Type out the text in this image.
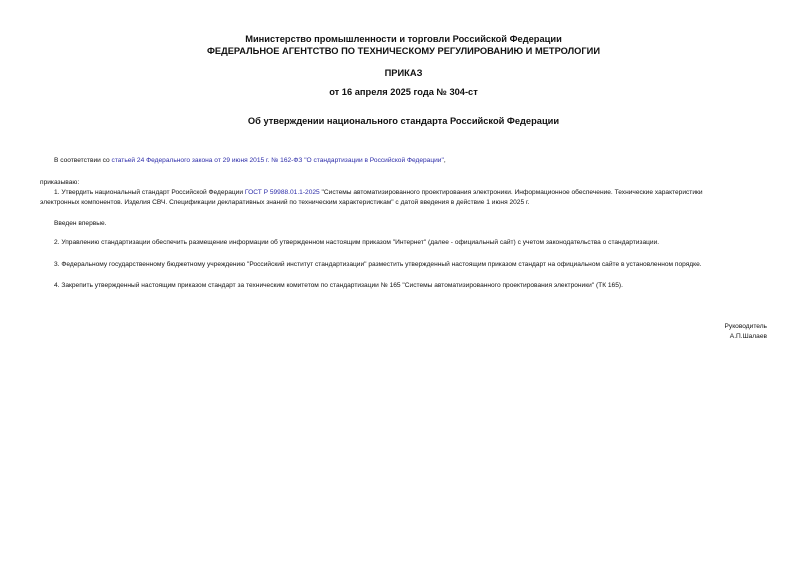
Министерство промышленности и торговли Российской Федерации
ФЕДЕРАЛЬНОЕ АГЕНТСТВО ПО ТЕХНИЧЕСКОМУ РЕГУЛИРОВАНИЮ И МЕТРОЛОГИИ
ПРИКАЗ
от 16 апреля 2025 года № 304-ст
Об утверждении национального стандарта Российской Федерации
В соответствии со статьей 24 Федерального закона от 29 июня 2015 г. № 162-ФЗ "О стандартизации в Российской Федерации",
приказываю:
1. Утвердить национальный стандарт Российской Федерации ГОСТ Р 59988.01.1-2025 "Системы автоматизированного проектирования электроники. Информационное обеспечение. Технические характеристики
электронных компонентов. Изделия СВЧ. Спецификации декларативных знаний по техническим характеристикам" с датой введения в действие 1 июня 2025 г.
Введен впервые.
2. Управлению стандартизации обеспечить размещение информации об утвержденном настоящим приказом "Интернет" (далее - официальный сайт) с учетом законодательства о стандартизации.
3. Федеральному государственному бюджетному учреждению "Российский институт стандартизации" разместить утвержденный настоящим приказом стандарт на официальном сайте в установленном порядке.
4. Закрепить утвержденный настоящим приказом стандарт за техническим комитетом по стандартизации № 165 "Системы автоматизированного проектирования электроники" (ТК 165).
Руководитель
А.П.Шалаев
